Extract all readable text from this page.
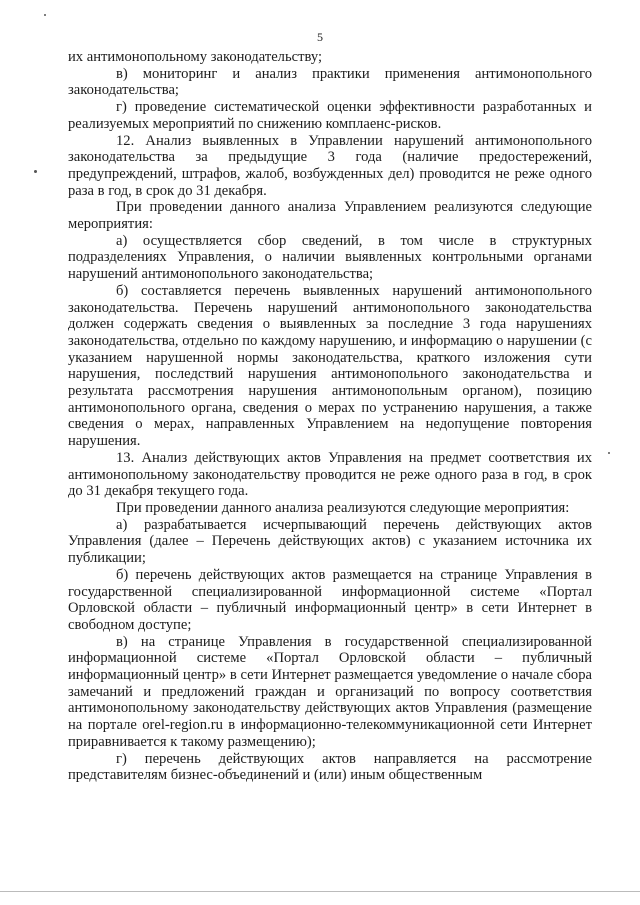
5

их антимонопольному законодательству;

в) мониторинг и анализ практики применения антимонопольного законодательства;

г) проведение систематической оценки эффективности разработанных и реализуемых мероприятий по снижению комплаенс-рисков.

12. Анализ выявленных в Управлении нарушений антимонопольного законодательства за предыдущие 3 года (наличие предостережений, предупреждений, штрафов, жалоб, возбужденных дел) проводится не реже одного раза в год, в срок до 31 декабря.

При проведении данного анализа Управлением реализуются следующие мероприятия:

а) осуществляется сбор сведений, в том числе в структурных подразделениях Управления, о наличии выявленных контрольными органами нарушений антимонопольного законодательства;

б) составляется перечень выявленных нарушений антимонопольного законодательства. Перечень нарушений антимонопольного законодательства должен содержать сведения о выявленных за последние 3 года нарушениях законодательства, отдельно по каждому нарушению, и информацию о нарушении (с указанием нарушенной нормы законодательства, краткого изложения сути нарушения, последствий нарушения антимонопольного законодательства и результата рассмотрения нарушения антимонопольным органом), позицию антимонопольного органа, сведения о мерах по устранению нарушения, а также сведения о мерах, направленных Управлением на недопущение повторения нарушения.

13. Анализ действующих актов Управления на предмет соответствия их антимонопольному законодательству проводится не реже одного раза в год, в срок до 31 декабря текущего года.

При проведении данного анализа реализуются следующие мероприятия:

а) разрабатывается исчерпывающий перечень действующих актов Управления (далее – Перечень действующих актов) с указанием источника их публикации;

б) перечень действующих актов размещается на странице Управления в государственной специализированной информационной системе «Портал Орловской области – публичный информационный центр» в сети Интернет в свободном доступе;

в) на странице Управления в государственной специализированной информационной системе «Портал Орловской области – публичный информационный центр» в сети Интернет размещается уведомление о начале сбора замечаний и предложений граждан и организаций по вопросу соответствия антимонопольному законодательству действующих актов Управления (размещение на портале orel-region.ru в информационно-телекоммуникационной сети Интернет приравнивается к такому размещению);

г) перечень действующих актов направляется на рассмотрение представителям бизнес-объединений и (или) иным общественным
